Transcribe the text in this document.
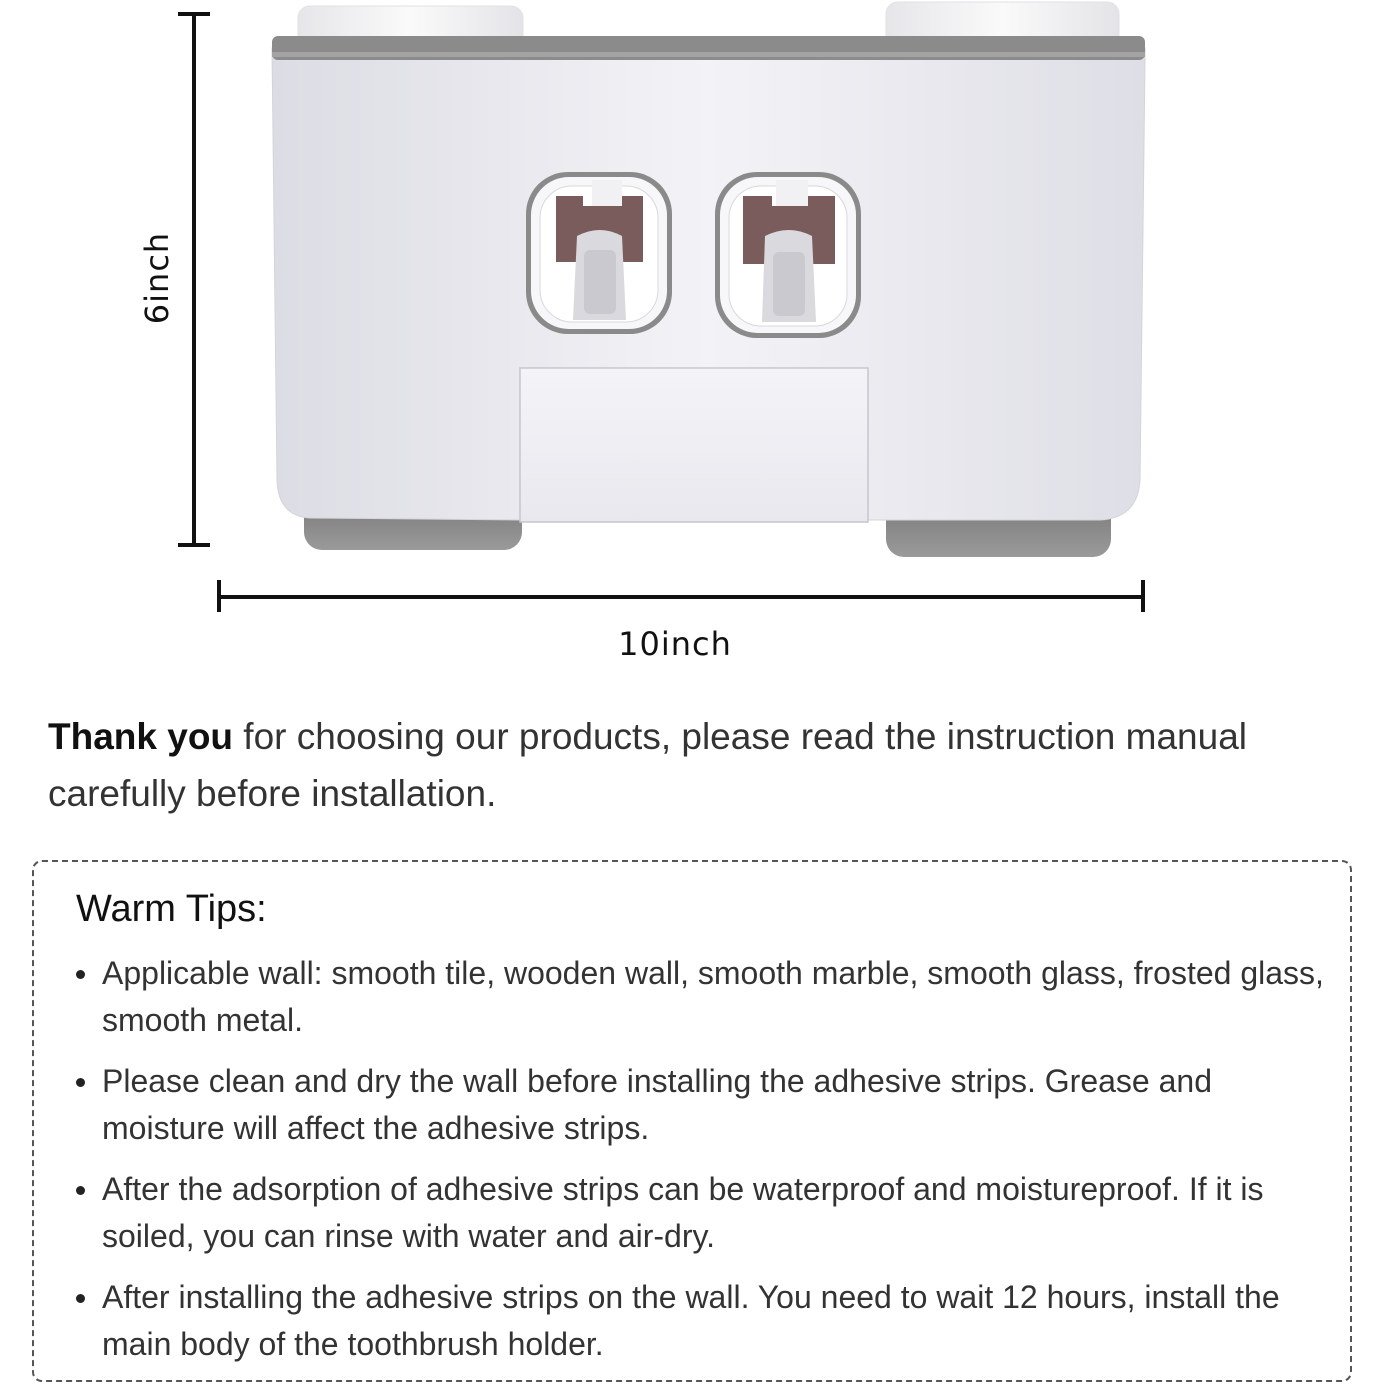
6inch
10inch

Thank you for choosing our products, please read the instruction manual carefully before installation.

Warm Tips:
Applicable wall: smooth tile, wooden wall, smooth marble, smooth glass, frosted glass, smooth metal.
Please clean and dry the wall before installing the adhesive strips. Grease and moisture will affect the adhesive strips.
After the adsorption of adhesive strips can be waterproof and moistureproof. If it is soiled, you can rinse with water and air-dry.
After installing the adhesive strips on the wall. You need to wait 12 hours, install the main body of the toothbrush holder.
